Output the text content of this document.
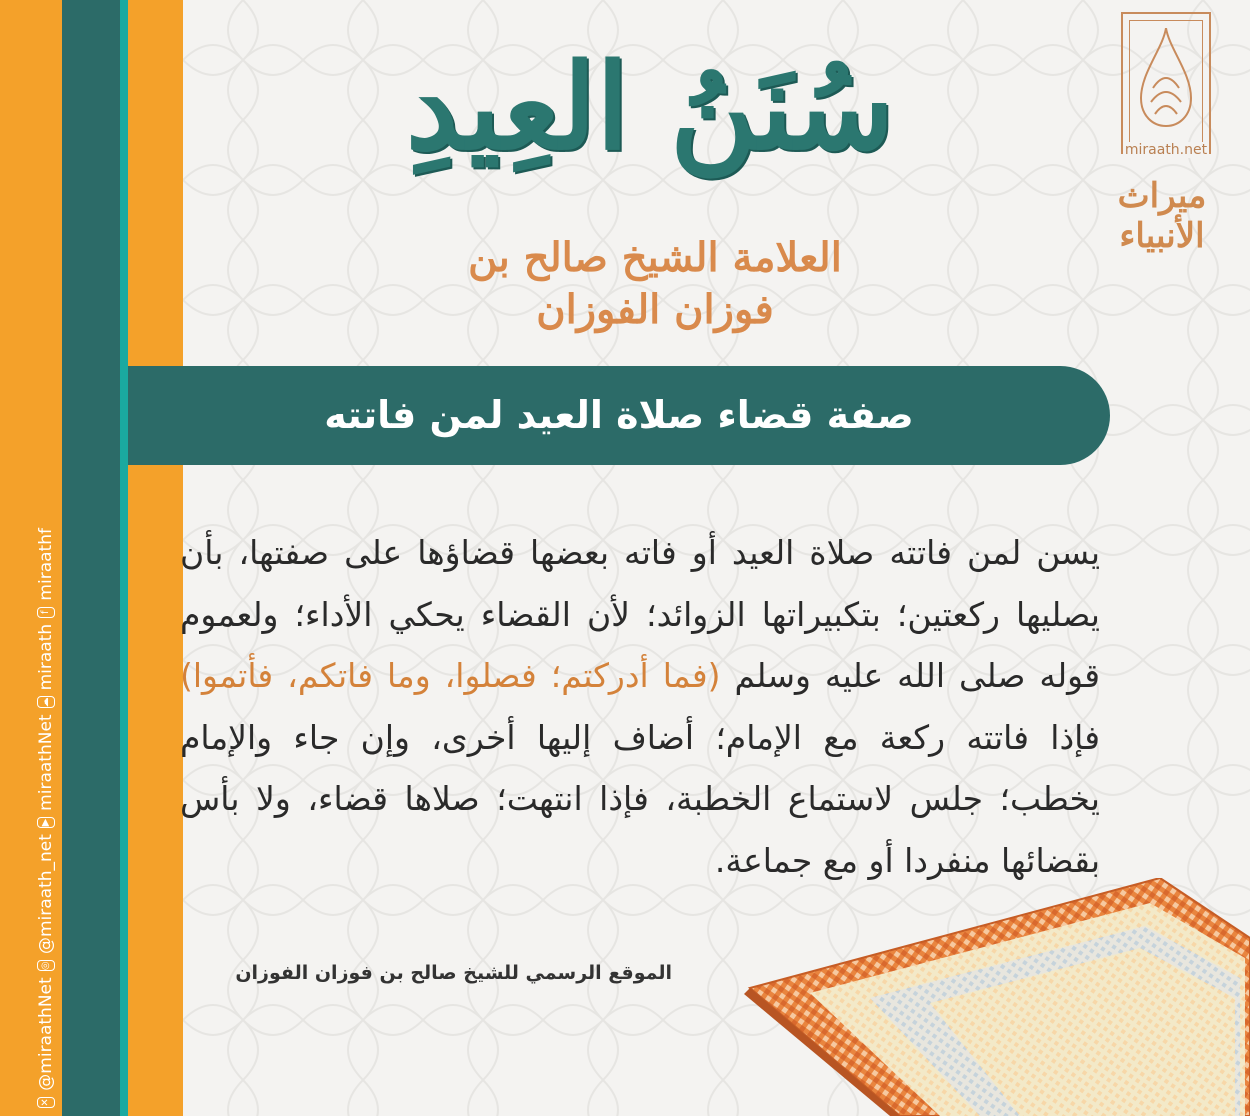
✕
@miraathNet
◎
@miraath_net
▶
miraathNet
☁
miraath
f
miraathf
سُنَنُ العِيدِ
العلامة الشيخ صالح بن فوزان الفوزان
miraath.net
ميراث الأنبياء
صفة قضاء صلاة العيد لمن فاتته
يسن لمن فاتته صلاة العيد أو فاته بعضها قضاؤها على صفتها، بأن يصليها ركعتين؛ بتكبيراتها الزوائد؛ لأن القضاء يحكي الأداء؛ ولعموم قوله صلى الله عليه وسلم (فما أدركتم؛ فصلوا، وما فاتكم، فأتموا) فإذا فاتته ركعة مع الإمام؛ أضاف إليها أخرى، وإن جاء والإمام يخطب؛ جلس لاستماع الخطبة، فإذا انتهت؛ صلاها قضاء، ولا بأس بقضائها منفردا أو مع جماعة.
الموقع الرسمي للشيخ صالح بن فوزان الفوزان
